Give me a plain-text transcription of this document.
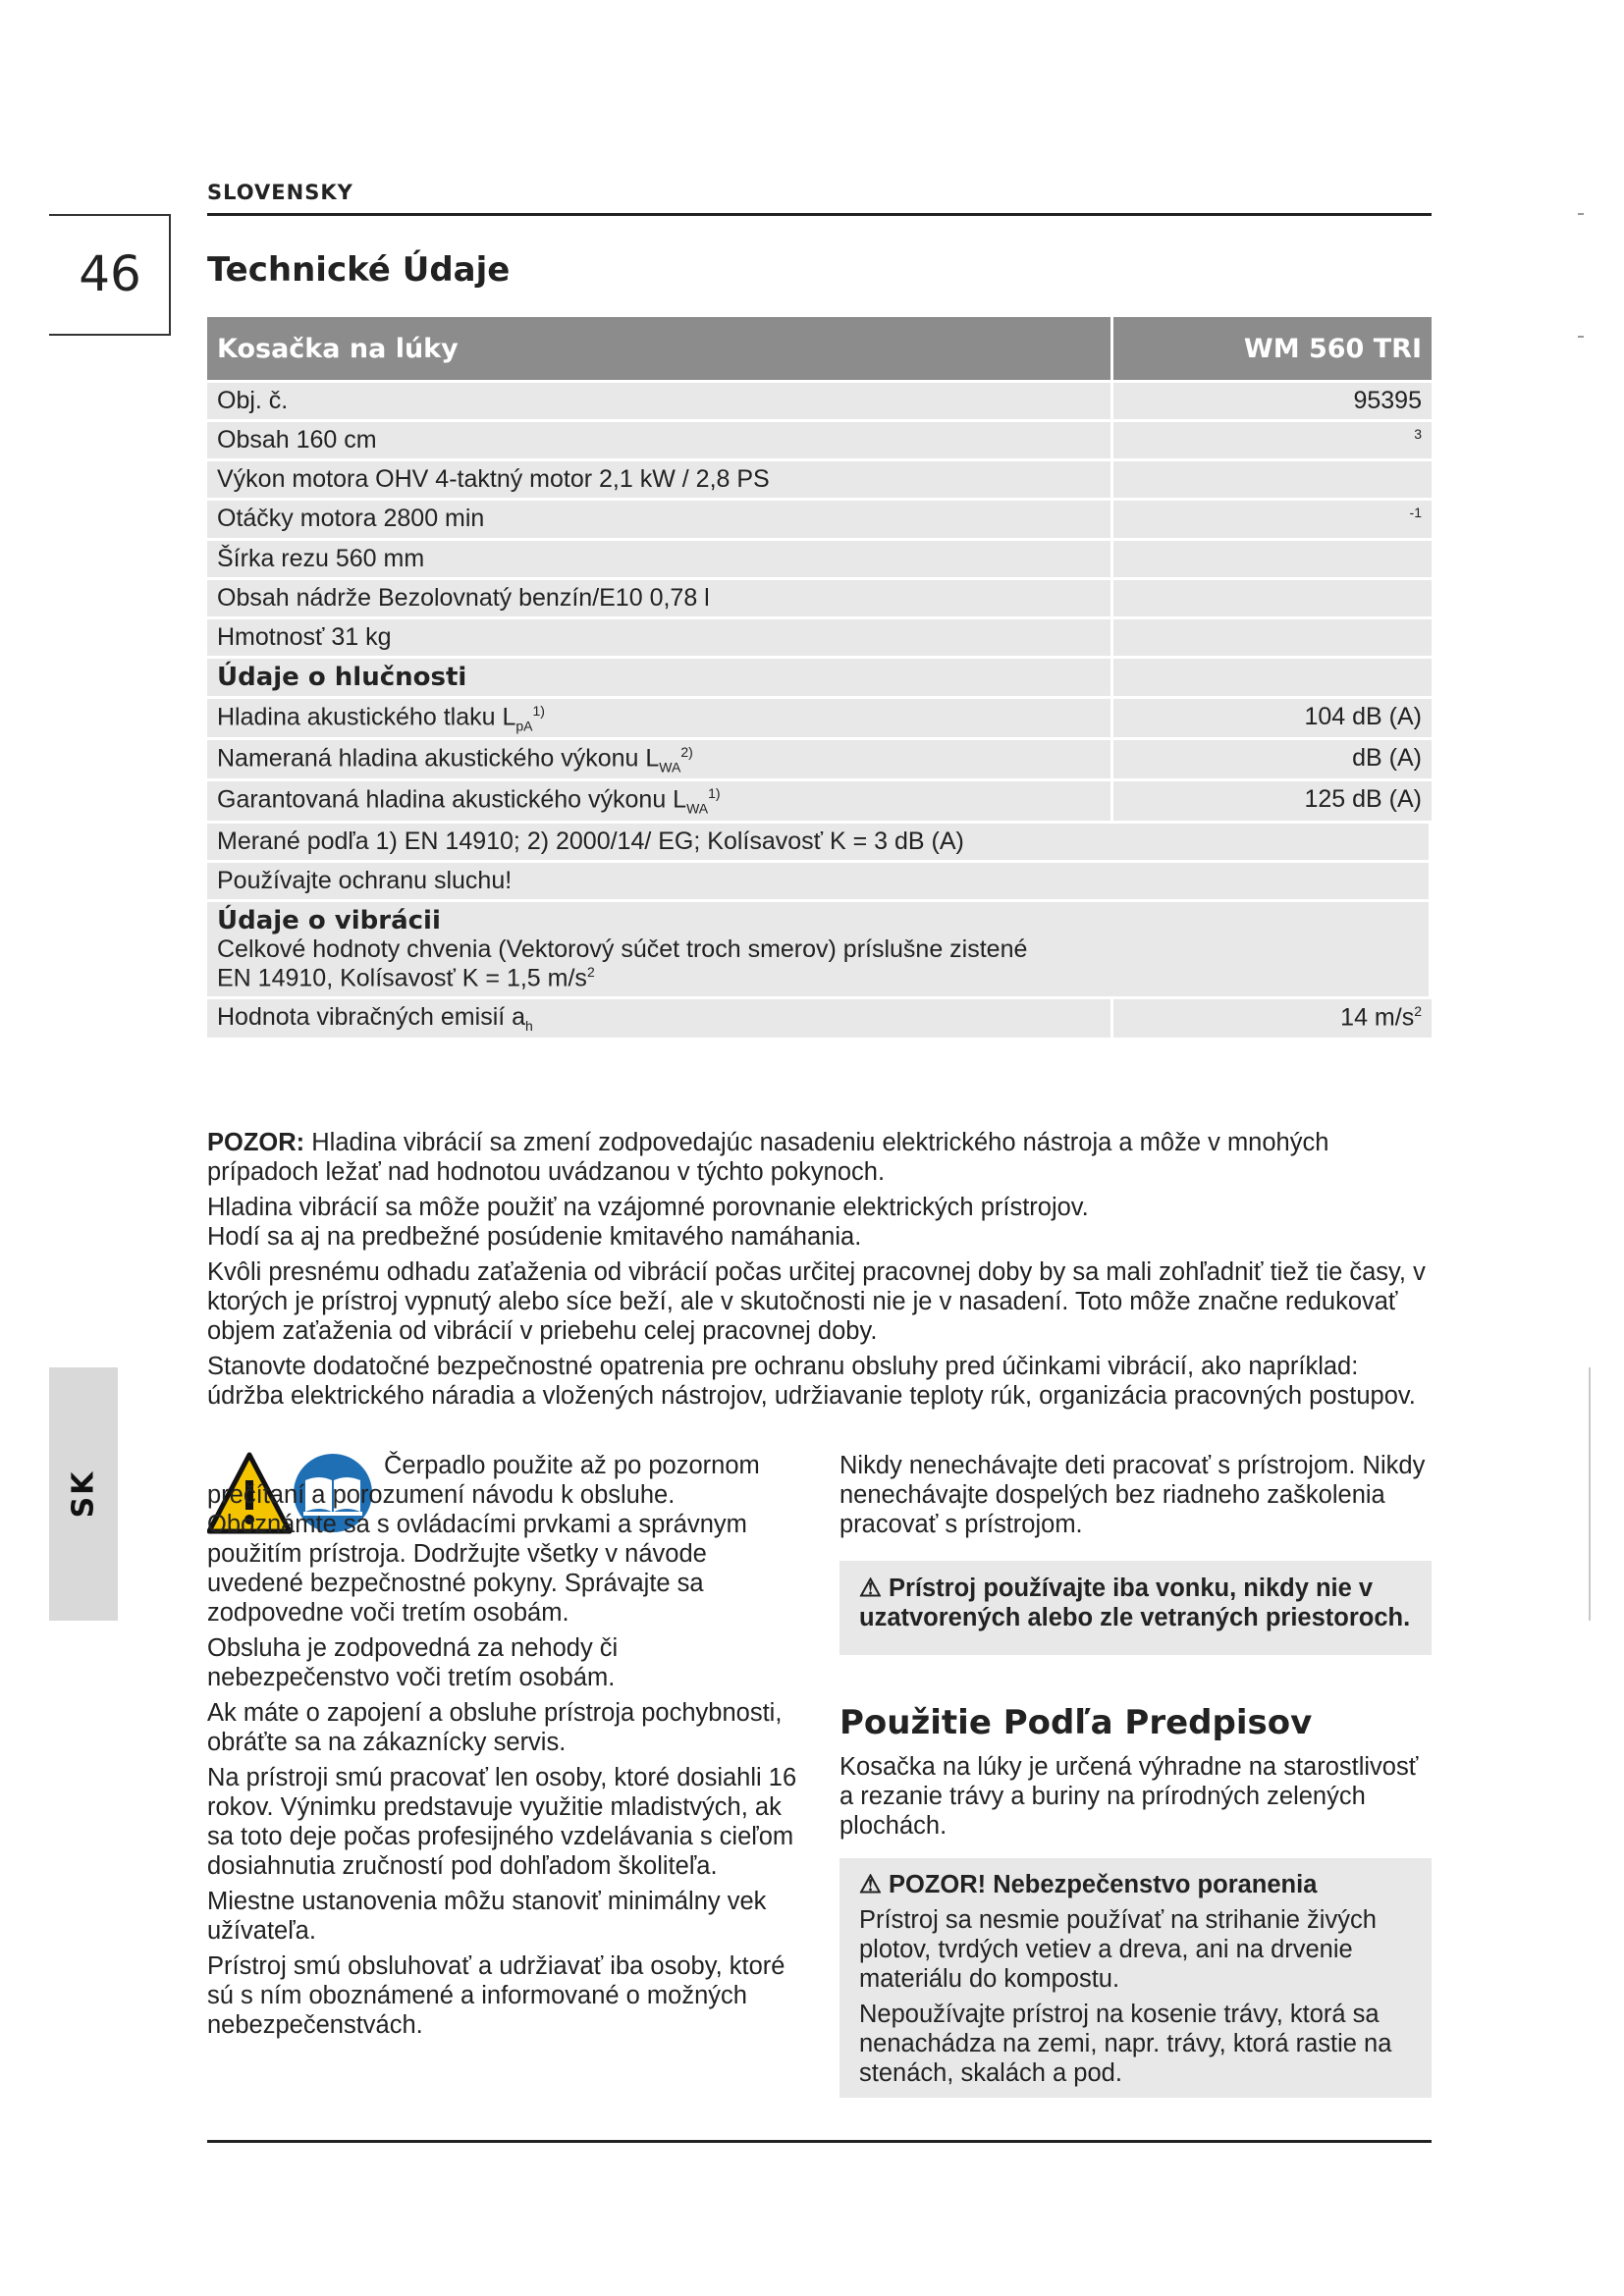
SLOVENSKY
46	Technické Údaje
SK
Kosačka na lúky	WM 560 TRI
Obj. č.	95395
Obsah 160 cm	$^3$
Výkon motora OHV 4-taktný motor 2,1 kW / 2,8 PS	
Otáčky motora 2800 min	$^{-1}$
Šírka rezu 560 mm	
Obsah nádrže Bezolovnatý benzín/E10 0,78 l	
Hmotnosť 31 kg	
Údaje o hlučnosti	
Hladina akustického tlaku $L_{pA}^{1)}$	104 dB (A)
Nameraná hladina akustického výkonu $L_{WA}^{2)}$	dB (A)
Garantovaná hladina akustického výkonu $L_{WA}^{1)}$	125 dB (A)
Merané podľa 1) EN 14910; 2) 2000/14/ EG; Kolísavosť K = 3 dB (A)	
Používajte ochranu sluchu!	

Údaje o vibrácii
Celkové hodnoty chvenia (Vektorový súčet troch smerov) príslušne zistené
EN 14910, Kolísavosť K = 1,5 $m/s^2$

Hodnota vibračných emisií $a_h$	14 $m/s^2$

POZOR: Hladina vibrácií sa zmení zodpovedajúc nasadeniu elektrického nástroja a môže v mnohých prípadoch ležať nad hodnotou uvádzanou v týchto pokynoch.

Hladina vibrácií sa môže použiť na vzájomné porovnanie elektrických prístrojov.

Hodí sa aj na predbežné posúdenie kmitavého namáhania.

Kvôli presnému odhadu zaťaženia od vibrácií počas určitej pracovnej doby by sa mali zohľadniť tiež tie časy, v ktorých je prístroj vypnutý alebo síce beží, ale v skutočnosti nie je v nasadení. Toto môže značne redukovať objem zaťaženia od vibrácií v priebehu celej pracovnej doby.

Stanovte dodatočné bezpečnostné opatrenia pre ochranu obsluhy pred účinkami vibrácií, ako napríklad: údržba elektrického náradia a vložených nástrojov, udržiavanie teploty rúk, organizácia pracovných postupov.

Čerpadlo použite až po pozornom prečítaní a porozumení návodu k obsluhe. Oboznámte sa s ovládacími prvkami a správnym použitím prístroja. Dodržujte všetky v návode uvedené bezpečnostné pokyny. Správajte sa zodpovedne voči tretím osobám.

Obsluha je zodpovedná za nehody či nebezpečenstvo voči tretím osobám.

Ak máte o zapojení a obsluhe prístroja pochybnosti, obráťte sa na zákaznícky servis.

Na prístroji smú pracovať len osoby, ktoré dosiahli 16 rokov. Výnimku predstavuje využitie mladistvých, ak sa toto deje počas profesijného vzdelávania s cieľom dosiahnutia zručností pod dohľadom školiteľa.

Miestne ustanovenia môžu stanoviť minimálny vek užívateľa.

Prístroj smú obsluhovať a udržiavať iba osoby, ktoré sú s ním oboznámené a informované o možných nebezpečenstvách.

Nikdy nenechávajte deti pracovať s prístrojom. Nikdy nenechávajte dospelých bez riadneho zaškolenia pracovať s prístrojom.

⚠ Prístroj používajte iba vonku, nikdy nie v uzatvorených alebo zle vetraných priestoroch.
Použitie Podľa Predpisov

Kosačka na lúky je určená výhradne na starostlivosť a rezanie trávy a buriny na prírodných zelených plochách.

⚠ POZOR! Nebezpečenstvo poranenia

Prístroj sa nesmie používať na strihanie živých plotov, tvrdých vetiev a dreva, ani na drvenie materiálu do kompostu.

Nepoužívajte prístroj na kosenie trávy, ktorá sa nenachádza na zemi, napr. trávy, ktorá rastie na stenách, skalách a pod.
